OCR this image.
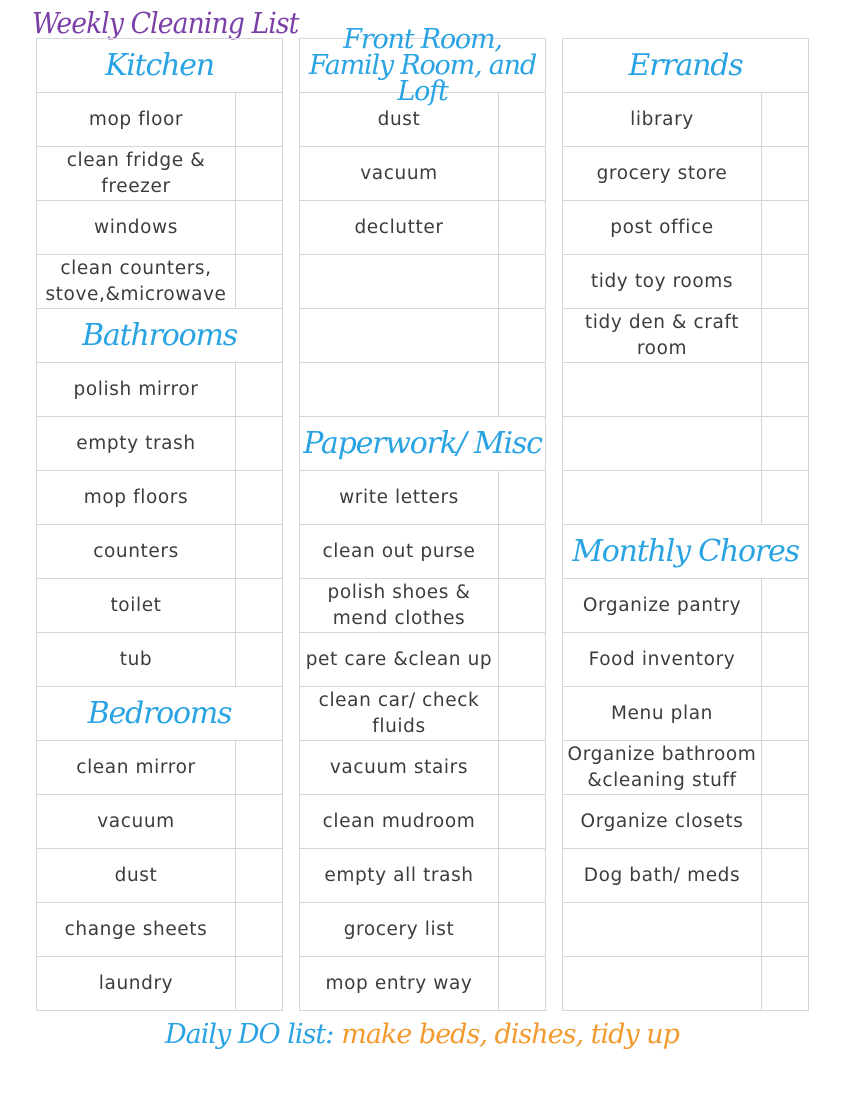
Weekly Cleaning List
Kitchen
mop floor
clean fridge &
freezer
windows
clean counters,
stove,&microwave
Bathrooms
polish mirror
empty trash
mop floors
counters
toilet
tub
Bedrooms
clean mirror
vacuum
dust
change sheets
laundry
Front Room,
Family Room, and Loft
dust
vacuum
declutter
Paperwork/ Misc
write letters
clean out purse
polish shoes &
mend clothes
pet care &clean up
clean car/ check
fluids
vacuum stairs
clean mudroom
empty all trash
grocery list
mop entry way
Errands
library
grocery store
post office
tidy toy rooms
tidy den & craft
room
Monthly Chores
Organize pantry
Food inventory
Menu plan
Organize bathroom
&cleaning stuff
Organize closets
Dog bath/ meds
Daily DO list: make beds, dishes, tidy up
